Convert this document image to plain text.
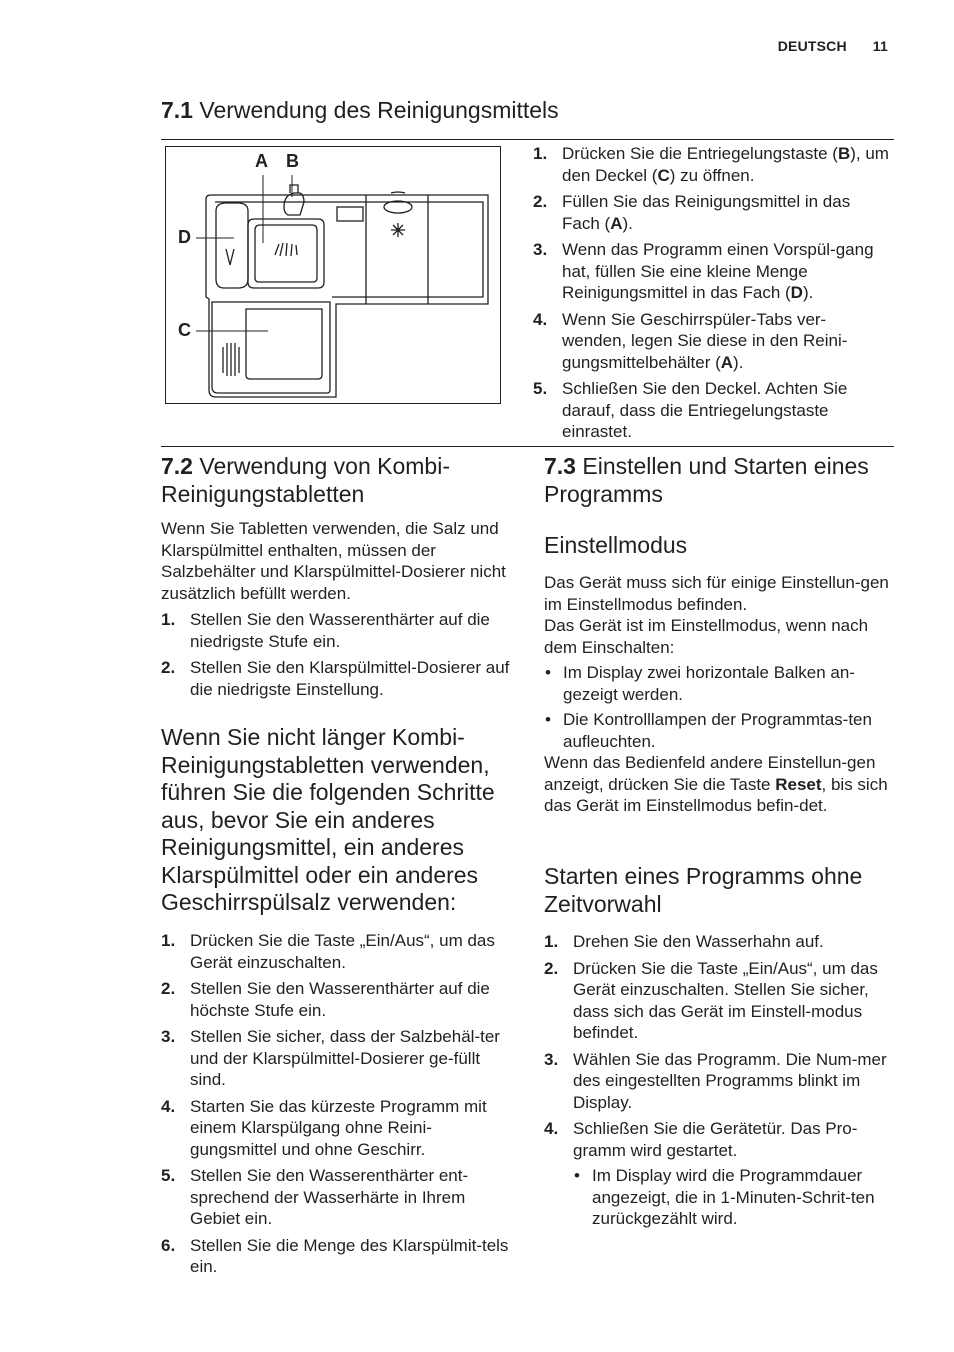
DEUTSCH 11
7.1 Verwendung des Reinigungsmittels
A B
D
C
1. Drücken Sie die Entriegelungstaste (B), um den Deckel (C) zu öffnen.
2. Füllen Sie das Reinigungsmittel in das Fach (A).
3. Wenn das Programm einen Vorspül-gang hat, füllen Sie eine kleine Menge Reinigungsmittel in das Fach (D).
4. Wenn Sie Geschirrspüler-Tabs ver-wenden, legen Sie diese in den Reini-gungsmittelbehälter (A).
5. Schließen Sie den Deckel. Achten Sie darauf, dass die Entriegelungstaste einrastet.
7.2 Verwendung von Kombi-
Reinigungstabletten
Wenn Sie Tabletten verwenden, die Salz und Klarspülmittel enthalten, müssen der Salzbehälter und Klarspülmittel-Dosierer nicht zusätzlich befüllt werden.
1. Stellen Sie den Wasserenthärter auf die niedrigste Stufe ein.
2. Stellen Sie den Klarspülmittel-Dosierer auf die niedrigste Einstellung.
Wenn Sie nicht länger Kombi-Reinigungstabletten verwenden, führen Sie die folgenden Schritte aus, bevor Sie ein anderes Reinigungsmittel, ein anderes Klarspülmittel oder ein anderes Geschirrspülsalz verwenden:
1. Drücken Sie die Taste „Ein/Aus“, um das Gerät einzuschalten.
2. Stellen Sie den Wasserenthärter auf die höchste Stufe ein.
3. Stellen Sie sicher, dass der Salzbehäl-ter und der Klarspülmittel-Dosierer ge-füllt sind.
4. Starten Sie das kürzeste Programm mit einem Klarspülgang ohne Reini-gungsmittel und ohne Geschirr.
5. Stellen Sie den Wasserenthärter ent-sprechend der Wasserhärte in Ihrem Gebiet ein.
6. Stellen Sie die Menge des Klarspülmit-tels ein.
7.3 Einstellen und Starten eines
Programms
Einstellmodus
Das Gerät muss sich für einige Einstellun-gen im Einstellmodus befinden.
Das Gerät ist im Einstellmodus, wenn nach dem Einschalten:
• Im Display zwei horizontale Balken an-gezeigt werden.
• Die Kontrolllampen der Programmtas-ten aufleuchten.
Wenn das Bedienfeld andere Einstellun-gen anzeigt, drücken Sie die Taste Reset, bis sich das Gerät im Einstellmodus befin-det.
Starten eines Programms ohne Zeitvorwahl
1. Drehen Sie den Wasserhahn auf.
2. Drücken Sie die Taste „Ein/Aus“, um das Gerät einzuschalten. Stellen Sie sicher, dass sich das Gerät im Einstell-modus befindet.
3. Wählen Sie das Programm. Die Num-mer des eingestellten Programms blinkt im Display.
4. Schließen Sie die Gerätetür. Das Pro-gramm wird gestartet.
• Im Display wird die Programmdauer angezeigt, die in 1-Minuten-Schrit-ten zurückgezählt wird.
